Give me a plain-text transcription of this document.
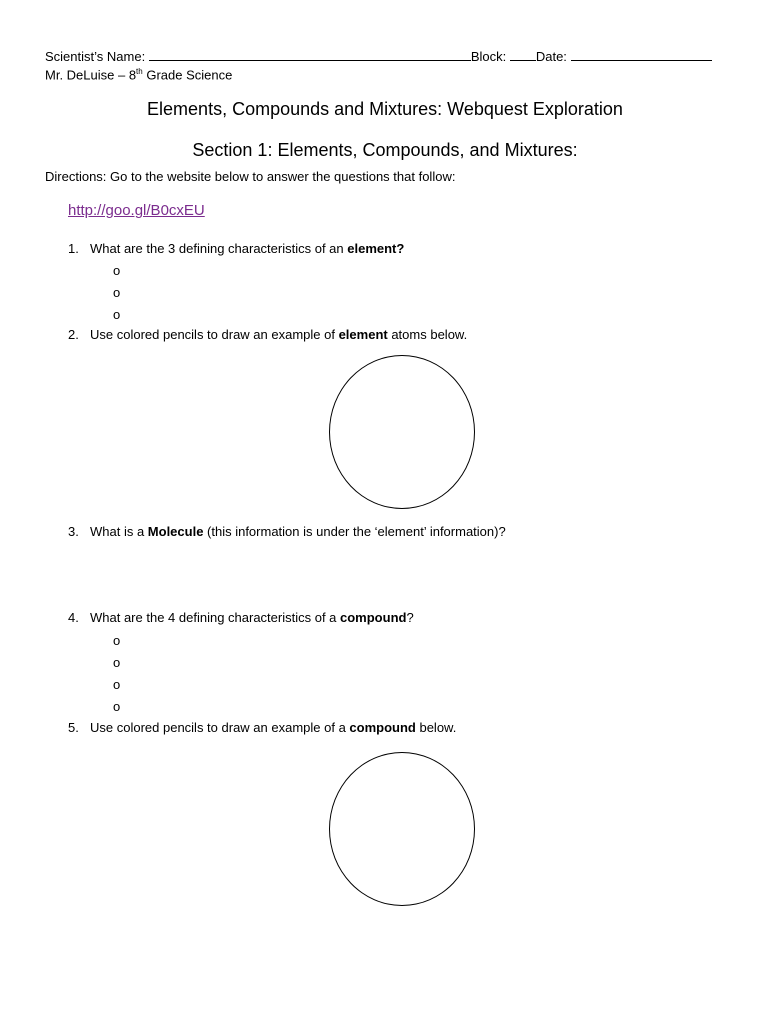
Scientist’s Name:	Block: Date:
Mr. DeLuise – 8th Grade Science
Elements, Compounds and Mixtures: Webquest Exploration
Section 1: Elements, Compounds, and Mixtures:
Directions: Go to the website below to answer the questions that follow:
http://goo.gl/B0cxEU
1. What are the 3 defining characteristics of an element?
o
o
o
2. Use colored pencils to draw an example of element atoms below.
3. What is a Molecule (this information is under the ‘element’ information)?
4. What are the 4 defining characteristics of a compound?
o
o
o
o
5. Use colored pencils to draw an example of a compound below.
